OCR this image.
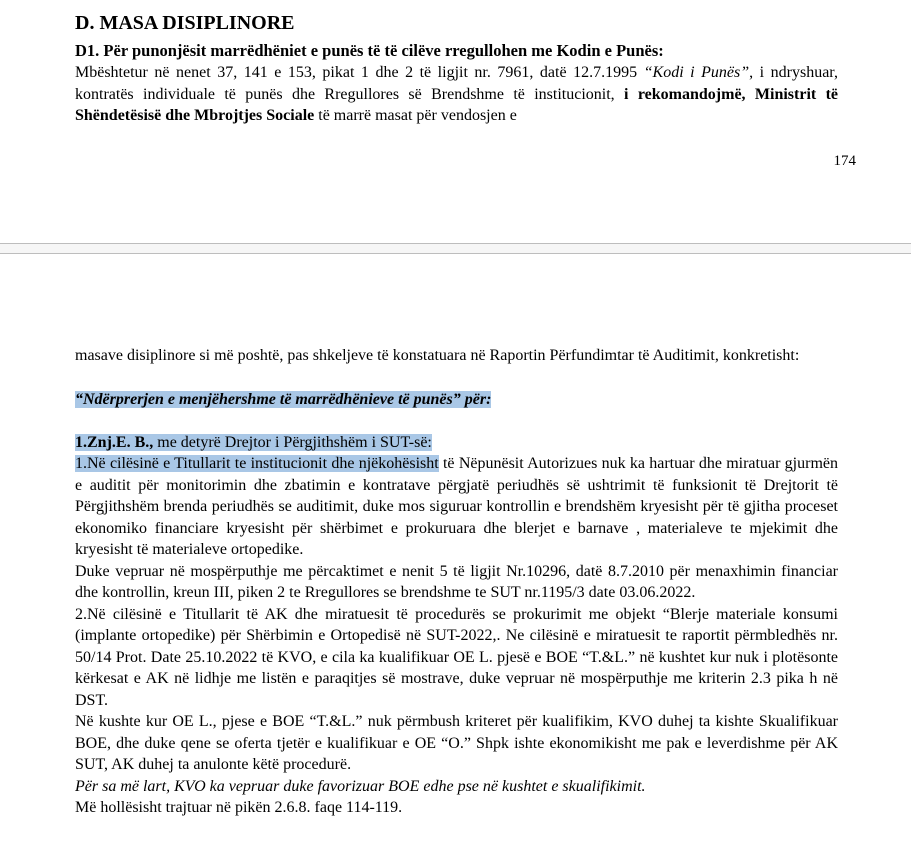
D. MASA DISIPLINORE
D1. Për punonjësit marrëdhëniet e punës të të cilëve rregullohen me Kodin e Punës:

Mbështetur në nenet 37, 141 e 153, pikat 1 dhe 2 të ligjit nr. 7961, datë 12.7.1995 “Kodi i Punës”, i ndryshuar, kontratës individuale të punës dhe Rregullores së Brendshme të institucionit, i rekomandojmë, Ministrit të Shëndetësisë dhe Mbrojtjes Sociale të marrë masat për vendosjen e

174

masave disiplinore si më poshtë, pas shkeljeve të konstatuara në Raportin Përfundimtar të Auditimit, konkretisht:

“Ndërprerjen e menjëhershme të marrëdhënieve të punës” për:

1.Znj.E. B., me detyrë Drejtor i Përgjithshëm i SUT-së:

1.Në cilësinë e Titullarit te institucionit dhe njëkohësisht të Nëpunësit Autorizues nuk ka hartuar dhe miratuar gjurmën e auditit për monitorimin dhe zbatimin e kontratave përgjatë periudhës së ushtrimit të funksionit të Drejtorit të Përgjithshëm brenda periudhës se auditimit, duke mos siguruar kontrollin e brendshëm kryesisht për të gjitha proceset ekonomiko financiare kryesisht për shërbimet e prokuruara dhe blerjet e barnave , materialeve te mjekimit dhe kryesisht të materialeve ortopedike.

Duke vepruar në mospërputhje me përcaktimet e nenit 5 të ligjit Nr.10296, datë 8.7.2010 për menaxhimin financiar dhe kontrollin, kreun III, piken 2 te Rregullores se brendshme te SUT nr.1195/3 date 03.06.2022.

2.Në cilësinë e Titullarit të AK dhe miratuesit të procedurës se prokurimit me objekt “Blerje materiale konsumi (implante ortopedike) për Shërbimin e Ortopedisë në SUT-2022,. Ne cilësinë e miratuesit te raportit përmbledhës nr. 50/14 Prot. Date 25.10.2022 të KVO, e cila ka kualifikuar OE L. pjesë e BOE “T.&L.” në kushtet kur nuk i plotësonte kërkesat e AK në lidhje me listën e paraqitjes së mostrave, duke vepruar në mospërputhje me kriterin 2.3 pika h në DST.

Në kushte kur OE L., pjese e BOE “T.&L.” nuk përmbush kriteret për kualifikim, KVO duhej ta kishte Skualifikuar BOE, dhe duke qene se oferta tjetër e kualifikuar e OE “O.” Shpk ishte ekonomikisht me pak e leverdishme për AK SUT, AK duhej ta anulonte këtë procedurë.

Për sa më lart, KVO ka vepruar duke favorizuar BOE edhe pse në kushtet e skualifikimit.

Më hollësisht trajtuar në pikën 2.6.8. faqe 114-119.
